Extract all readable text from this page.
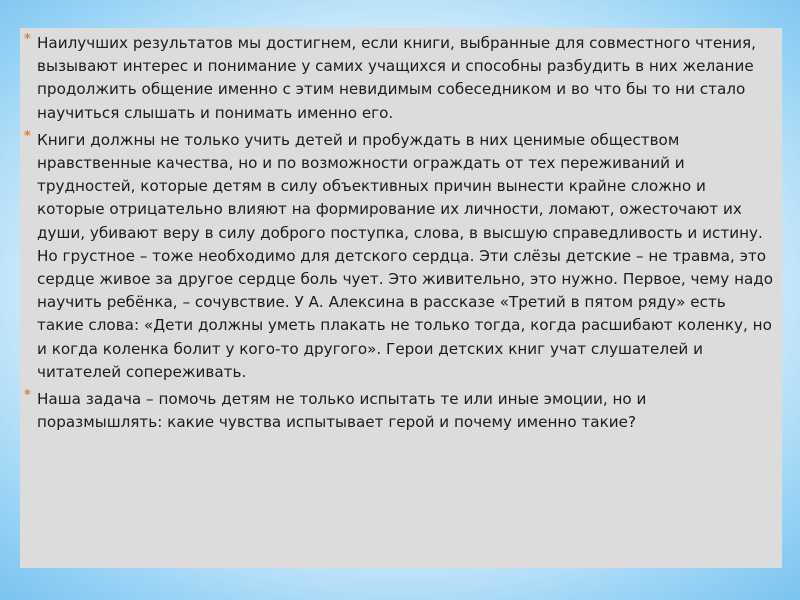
* Наилучших результатов мы достигнем, если книги, выбранные для совместного чтения, вызывают интерес и понимание у самих учащихся и способны разбудить в них желание продолжить общение именно с этим невидимым собеседником и во что бы то ни стало научиться слышать и понимать именно его.
* Книги должны не только учить детей и пробуждать в них ценимые обществом нравственные качества, но и по возможности ограждать от тех переживаний и трудностей, которые детям в силу объективных причин вынести крайне сложно и которые отрицательно влияют на формирование их личности, ломают, ожесточают их души, убивают веру в силу доброго поступка, слова, в высшую справедливость и истину. Но грустное – тоже необходимо для детского сердца. Эти слёзы детские – не травма, это сердце живое за другое сердце боль чует. Это живительно, это нужно. Первое, чему надо научить ребёнка, – сочувствие. У А. Алексина в рассказе «Третий в пятом ряду» есть такие слова: «Дети должны уметь плакать не только тогда, когда расшибают коленку, но и когда коленка болит у кого-то другого». Герои детских книг учат слушателей и читателей сопереживать.
* Наша задача – помочь детям не только испытать те или иные эмоции, но и поразмышлять: какие чувства испытывает герой и почему именно такие?
